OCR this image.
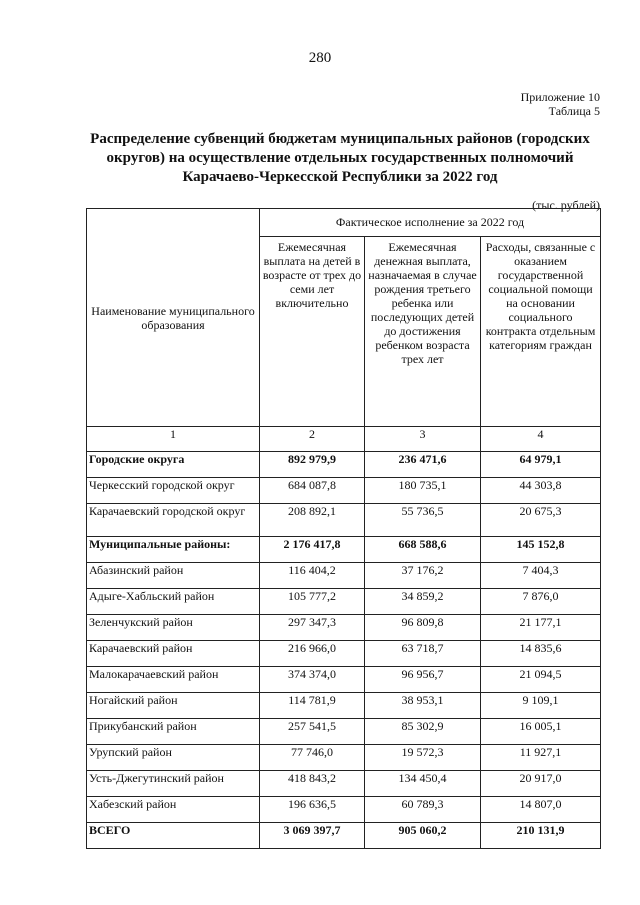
280
Приложение 10
Таблица 5
Распределение субвенций бюджетам муниципальных районов (городских округов) на осуществление отдельных государственных полномочий Карачаево-Черкесской Республики за 2022 год
(тыс. рублей)
Наименование муниципального образования	Фактическое исполнение за 2022 год		
	Ежемесячная выплата на детей в возрасте от трех до семи лет включительно	Ежемесячная денежная выплата, назначаемая в случае рождения третьего ребенка или последующих детей до достижения ребенком возраста трех лет	Расходы, связанные с оказанием государственной социальной помощи на основании социального контракта отдельным категориям граждан
1	2	3	4
Городские округа	892 979,9	236 471,6	64 979,1
Черкесский городской округ	684 087,8	180 735,1	44 303,8
Карачаевский городской округ	208 892,1	55 736,5	20 675,3
Муниципальные районы:	2 176 417,8	668 588,6	145 152,8
Абазинский район	116 404,2	37 176,2	7 404,3
Адыге-Хабльский район	105 777,2	34 859,2	7 876,0
Зеленчукский район	297 347,3	96 809,8	21 177,1
Карачаевский район	216 966,0	63 718,7	14 835,6
Малокарачаевский район	374 374,0	96 956,7	21 094,5
Ногайский район	114 781,9	38 953,1	9 109,1
Прикубанский район	257 541,5	85 302,9	16 005,1
Урупский район	77 746,0	19 572,3	11 927,1
Усть-Джегутинский район	418 843,2	134 450,4	20 917,0
Хабезский район	196 636,5	60 789,3	14 807,0
ВСЕГО	3 069 397,7	905 060,2	210 131,9
